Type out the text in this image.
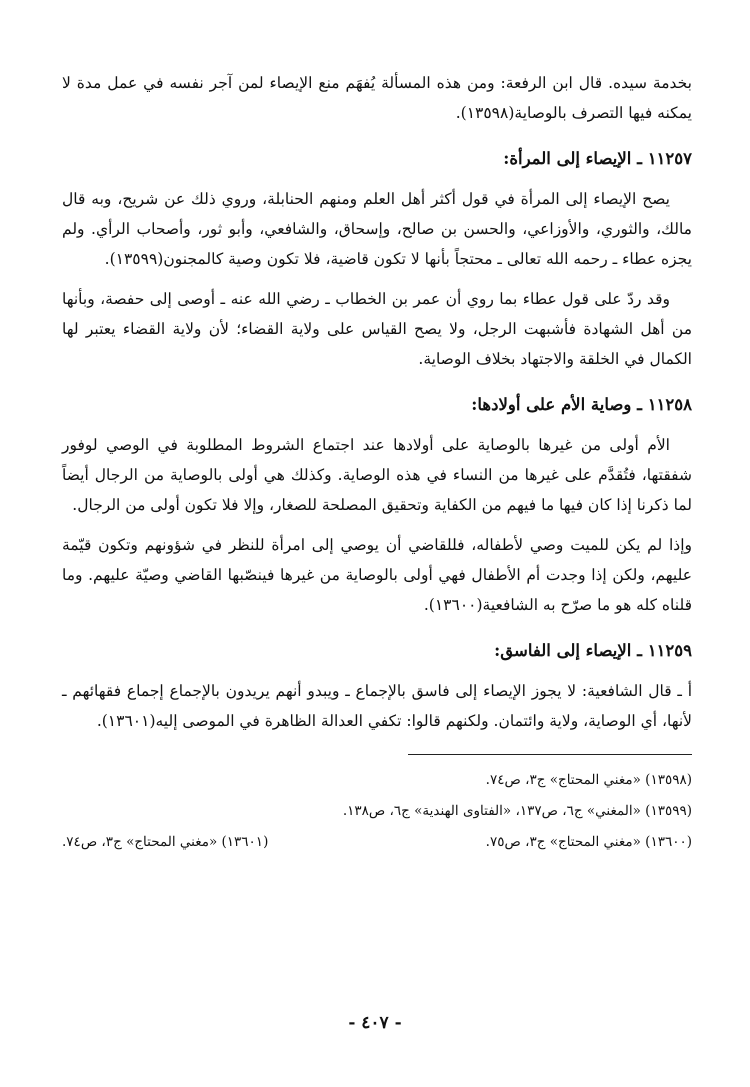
بخدمة سيده. قال ابن الرفعة: ومن هذه المسألة يُفهَم منع الإيصاء لمن آجر نفسه في عمل مدة لا يمكنه فيها التصرف بالوصاية(١٣٥٩٨).

١١٢٥٧ ـ الإيصاء إلى المرأة:

يصح الإيصاء إلى المرأة في قول أكثر أهل العلم ومنهم الحنابلة، وروي ذلك عن شريح، وبه قال مالك، والثوري، والأوزاعي، والحسن بن صالح، وإسحاق، والشافعي، وأبو ثور، وأصحاب الرأي. ولم يجزه عطاء ـ رحمه الله تعالى ـ محتجاً بأنها لا تكون قاضية، فلا تكون وصية كالمجنون(١٣٥٩٩).

وقد ردّ على قول عطاء بما روي أن عمر بن الخطاب ـ رضي الله عنه ـ أوصى إلى حفصة، وبأنها من أهل الشهادة فأشبهت الرجل، ولا يصح القياس على ولاية القضاء؛ لأن ولاية القضاء يعتبر لها الكمال في الخلقة والاجتهاد بخلاف الوصاية.

١١٢٥٨ ـ وصاية الأم على أولادها:

الأم أولى من غيرها بالوصاية على أولادها عند اجتماع الشروط المطلوبة في الوصي لوفور شفقتها، فتُقدَّم على غيرها من النساء في هذه الوصاية. وكذلك هي أولى بالوصاية من الرجال أيضاً لما ذكرنا إذا كان فيها ما فيهم من الكفاية وتحقيق المصلحة للصغار، وإلا فلا تكون أولى من الرجال.

وإذا لم يكن للميت وصي لأطفاله، فللقاضي أن يوصي إلى امرأة للنظر في شؤونهم وتكون قيّمة عليهم، ولكن إذا وجدت أم الأطفال فهي أولى بالوصاية من غيرها فينصّبها القاضي وصيّة عليهم. وما قلناه كله هو ما صرّح به الشافعية(١٣٦٠٠).

١١٢٥٩ ـ الإيصاء إلى الفاسق:

أ ـ قال الشافعية: لا يجوز الإيصاء إلى فاسق بالإجماع ـ ويبدو أنهم يريدون بالإجماع إجماع فقهائهم ـ لأنها، أي الوصاية، ولاية وائتمان. ولكنهم قالوا: تكفي العدالة الظاهرة في الموصى إليه(١٣٦٠١).

(١٣٥٩٨) «مغني المحتاج» ج٣، ص٧٤.
(١٣٥٩٩) «المغني» ج٦، ص١٣٧، «الفتاوى الهندية» ج٦، ص١٣٨.
(١٣٦٠٠) «مغني المحتاج» ج٣، ص٧٥.
(١٣٦٠١) «مغني المحتاج» ج٣، ص٧٤.
- ٤٠٧ -
